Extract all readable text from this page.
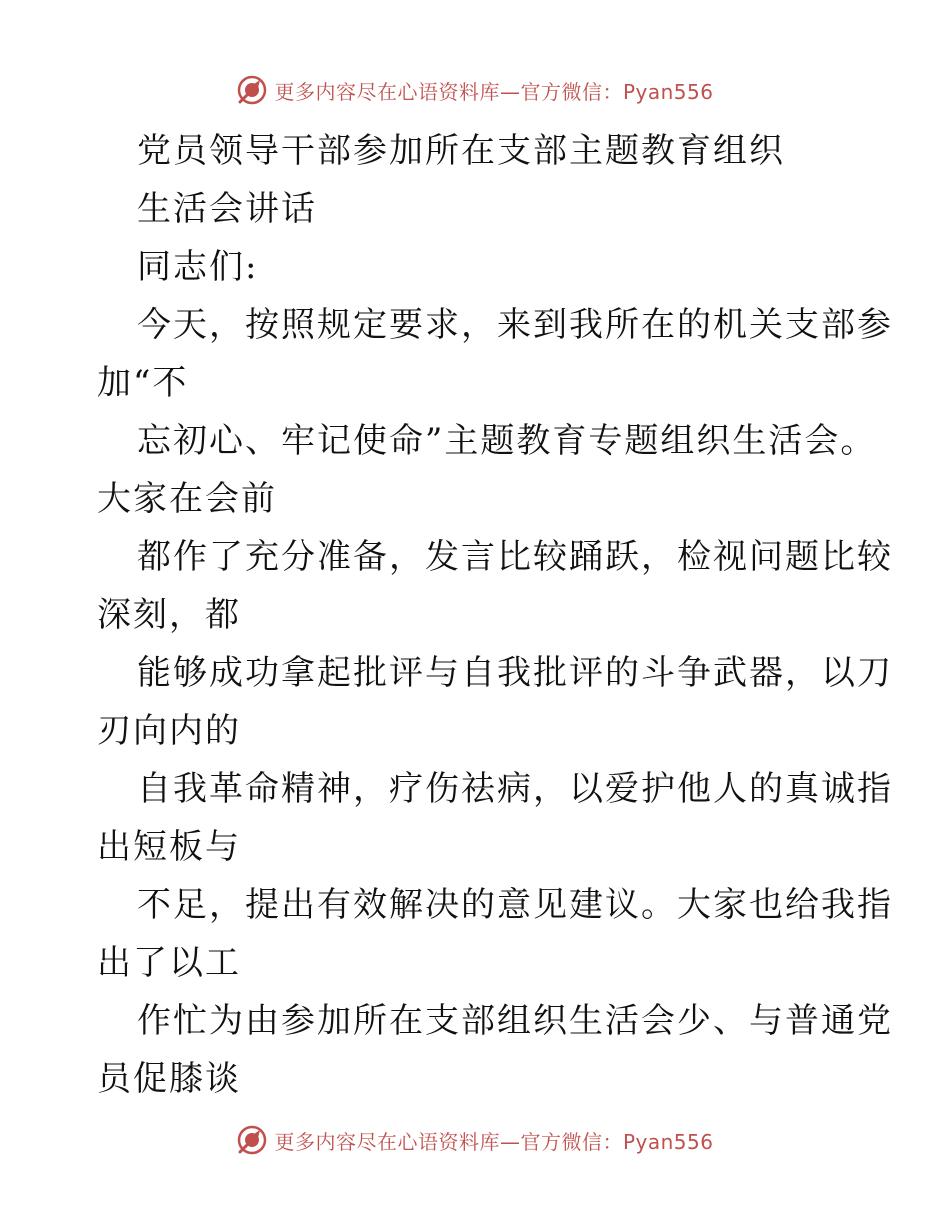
更多内容尽在心语资料库—官方微信：Pyan556
党员领导干部参加所在支部主题教育组织
生活会讲话
同志们:
今天，按照规定要求，来到我所在的机关支部参
加“不
忘初心、牢记使命”主题教育专题组织生活会。
大家在会前
都作了充分准备，发言比较踊跃，检视问题比较
深刻，都
能够成功拿起批评与自我批评的斗争武器，以刀
刃向内的
自我革命精神，疗伤祛病，以爱护他人的真诚指
出短板与
不足，提出有效解决的意见建议。大家也给我指
出了以工
作忙为由参加所在支部组织生活会少、与普通党
员促膝谈
更多内容尽在心语资料库—官方微信：Pyan556
